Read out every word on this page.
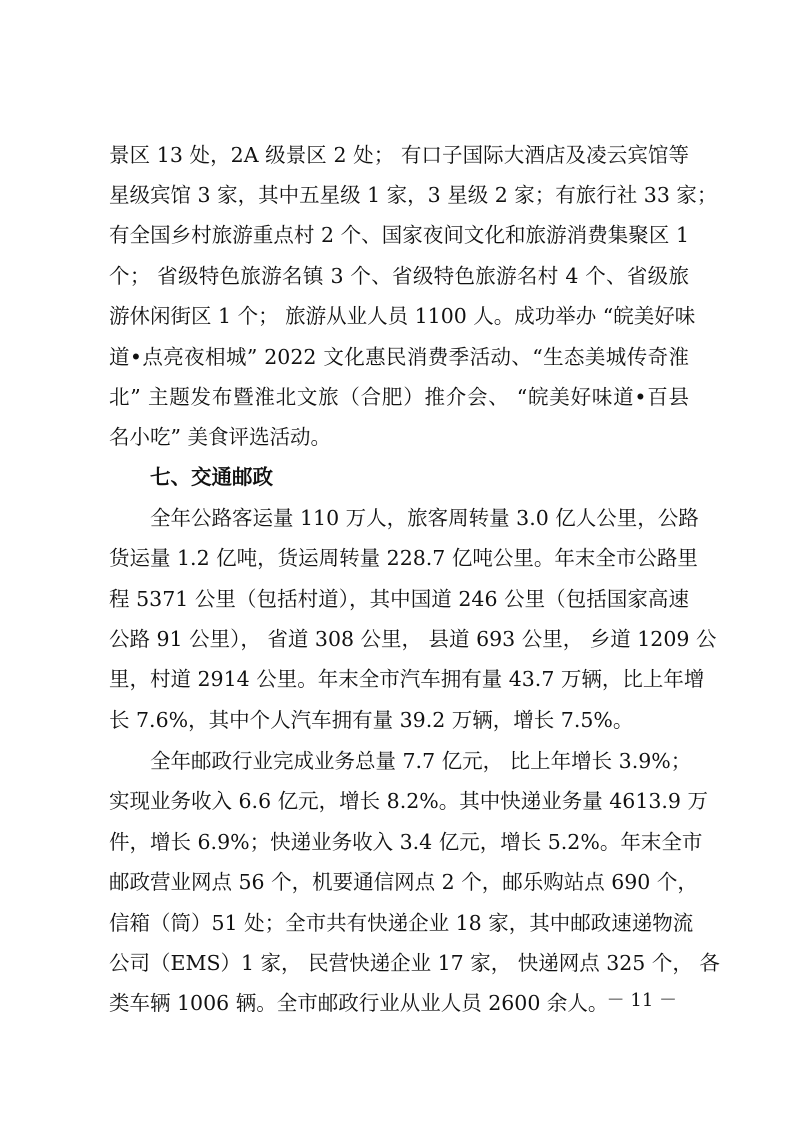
景区 13 处，2A 级景区 2 处； 有口子国际大酒店及凌云宾馆等
星级宾馆 3 家，其中五星级 1 家，3 星级 2 家；有旅行社 33 家；
有全国乡村旅游重点村 2 个、国家夜间文化和旅游消费集聚区 1
个； 省级特色旅游名镇 3 个、省级特色旅游名村 4 个、省级旅
游休闲街区 1 个； 旅游从业人员 1100 人。成功举办 “皖美好味
道•点亮夜相城” 2022 文化惠民消费季活动、“生态美城传奇淮
北” 主题发布暨淮北文旅（合肥）推介会、 “皖美好味道•百县
名小吃” 美食评选活动。
七、交通邮政
全年公路客运量 110 万人，旅客周转量 3.0 亿人公里，公路
货运量 1.2 亿吨，货运周转量 228.7 亿吨公里。年末全市公路里
程 5371 公里（包括村道），其中国道 246 公里（包括国家高速
公路 91 公里）， 省道 308 公里， 县道 693 公里， 乡道 1209 公
里，村道 2914 公里。年末全市汽车拥有量 43.7 万辆，比上年增
长 7.6%，其中个人汽车拥有量 39.2 万辆，增长 7.5%。
全年邮政行业完成业务总量 7.7 亿元， 比上年增长 3.9%；
实现业务收入 6.6 亿元，增长 8.2%。其中快递业务量 4613.9 万
件，增长 6.9%；快递业务收入 3.4 亿元，增长 5.2%。年末全市
邮政营业网点 56 个，机要通信网点 2 个，邮乐购站点 690 个，
信箱（筒）51 处；全市共有快递企业 18 家，其中邮政速递物流
公司（EMS）1 家， 民营快递企业 17 家， 快递网点 325 个， 各
类车辆 1006 辆。全市邮政行业从业人员 2600 余人。
－ 11 －
